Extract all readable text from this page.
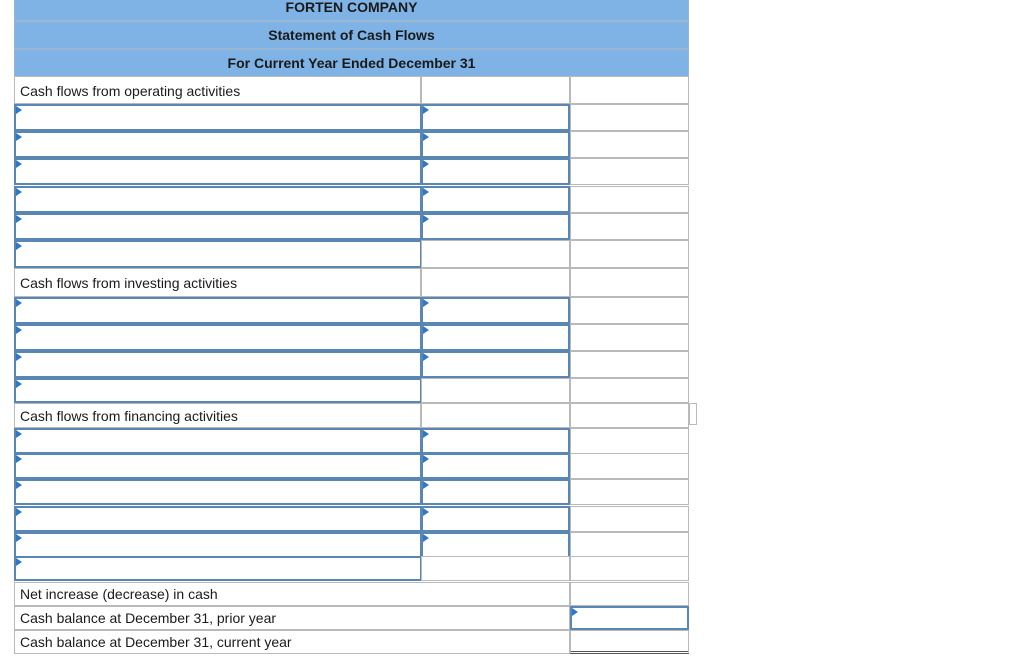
FORTEN COMPANY
Statement of Cash Flows
For Current Year Ended December 31
Cash flows from operating activities
Cash flows from investing activities
Cash flows from financing activities
Net increase (decrease) in cash
Cash balance at December 31, prior year
Cash balance at December 31, current year
